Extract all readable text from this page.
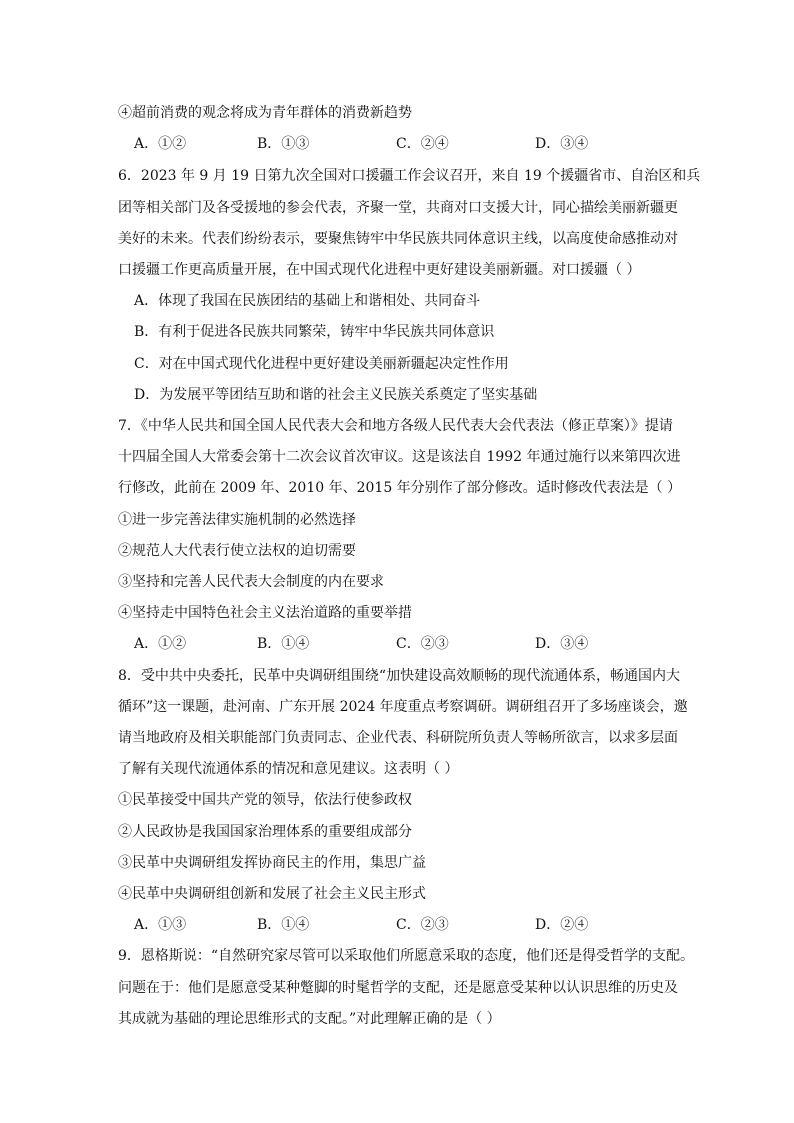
④超前消费的观念将成为青年群体的消费新趋势
A．①②	B．①③	C．②④	D．③④
6．2023 年 9 月 19 日第九次全国对口援疆工作会议召开，来自 19 个援疆省市、自治区和兵
团等相关部门及各受援地的参会代表，齐聚一堂，共商对口支援大计，同心描绘美丽新疆更
美好的未来。代表们纷纷表示，要聚焦铸牢中华民族共同体意识主线，以高度使命感推动对
口援疆工作更高质量开展，在中国式现代化进程中更好建设美丽新疆。对口援疆（ ）
A．体现了我国在民族团结的基础上和谐相处、共同奋斗
B．有利于促进各民族共同繁荣，铸牢中华民族共同体意识
C．对在中国式现代化进程中更好建设美丽新疆起决定性作用
D．为发展平等团结互助和谐的社会主义民族关系奠定了坚实基础
7．《中华人民共和国全国人民代表大会和地方各级人民代表大会代表法（修正草案）》提请
十四届全国人大常委会第十二次会议首次审议。这是该法自 1992 年通过施行以来第四次进
行修改，此前在 2009 年、2010 年、2015 年分别作了部分修改。适时修改代表法是（ ）
①进一步完善法律实施机制的必然选择
②规范人大代表行使立法权的迫切需要
③坚持和完善人民代表大会制度的内在要求
④坚持走中国特色社会主义法治道路的重要举措
A．①②	B．①④	C．②③	D．③④
8．受中共中央委托，民革中央调研组围绕“加快建设高效顺畅的现代流通体系，畅通国内大
循环”这一课题，赴河南、广东开展 2024 年度重点考察调研。调研组召开了多场座谈会，邀
请当地政府及相关职能部门负责同志、企业代表、科研院所负责人等畅所欲言，以求多层面
了解有关现代流通体系的情况和意见建议。这表明（ ）
①民革接受中国共产党的领导，依法行使参政权
②人民政协是我国国家治理体系的重要组成部分
③民革中央调研组发挥协商民主的作用，集思广益
④民革中央调研组创新和发展了社会主义民主形式
A．①③	B．①④	C．②③	D．②④
9．恩格斯说：“自然研究家尽管可以采取他们所愿意采取的态度，他们还是得受哲学的支配。
问题在于：他们是愿意受某种蹩脚的时髦哲学的支配，还是愿意受某种以认识思维的历史及
其成就为基础的理论思维形式的支配。”对此理解正确的是（ ）
